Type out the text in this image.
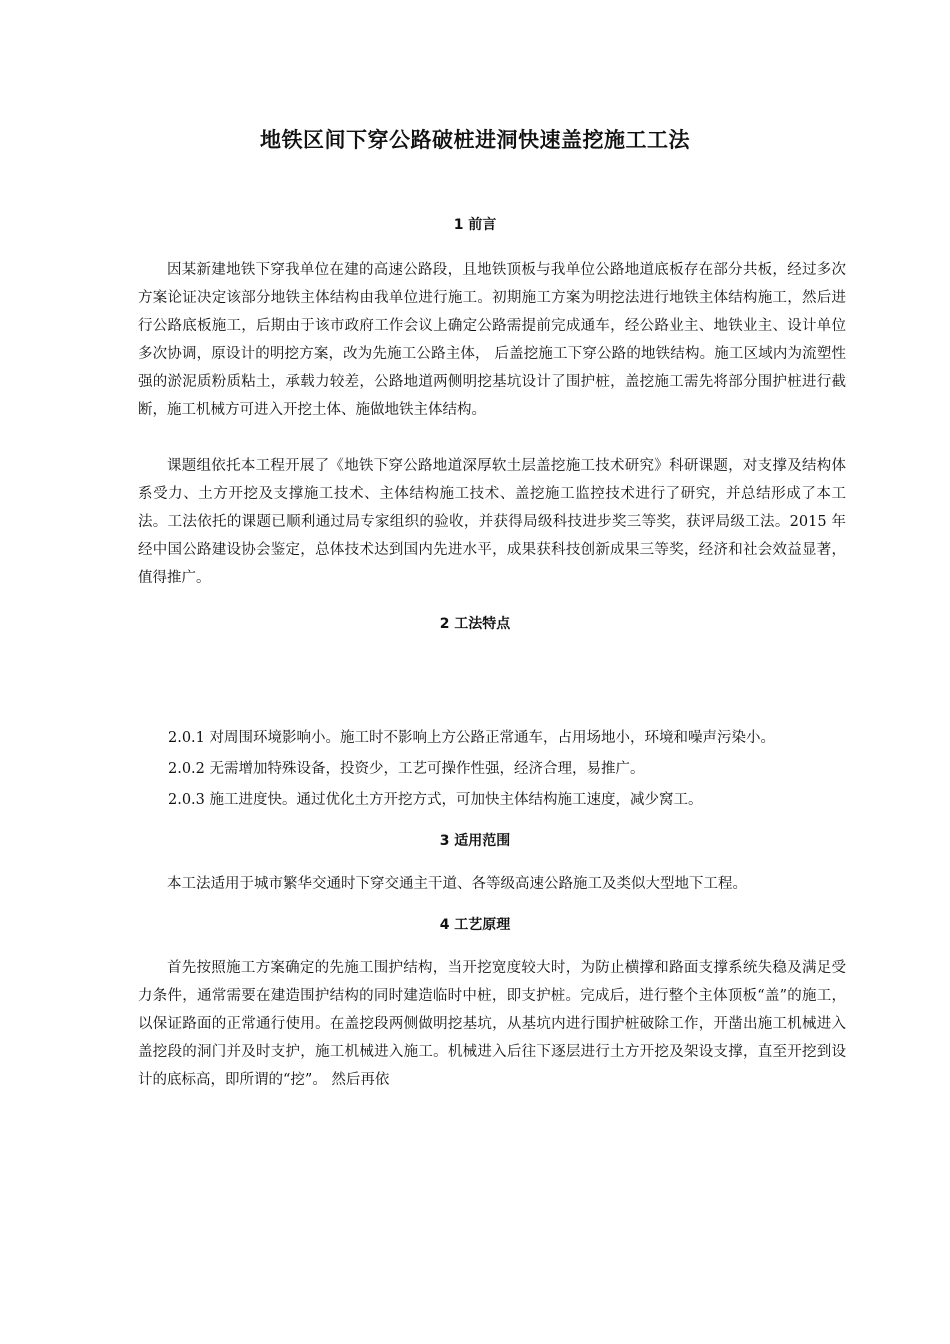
地铁区间下穿公路破桩进洞快速盖挖施工工法
1 前言

因某新建地铁下穿我单位在建的高速公路段，且地铁顶板与我单位公路地道底板存在部分共板，经过多次方案论证决定该部分地铁主体结构由我单位进行施工。初期施工方案为明挖法进行地铁主体结构施工，然后进行公路底板施工，后期由于该市政府工作会议上确定公路需提前完成通车，经公路业主、地铁业主、设计单位多次协调，原设计的明挖方案，改为先施工公路主体， 后盖挖施工下穿公路的地铁结构。施工区域内为流塑性强的淤泥质粉质粘土，承载力较差，公路地道两侧明挖基坑设计了围护桩，盖挖施工需先将部分围护桩进行截断，施工机械方可进入开挖土体、施做地铁主体结构。

课题组依托本工程开展了《地铁下穿公路地道深厚软土层盖挖施工技术研究》科研课题，对支撑及结构体系受力、土方开挖及支撑施工技术、主体结构施工技术、盖挖施工监控技术进行了研究，并总结形成了本工法。工法依托的课题已顺利通过局专家组织的验收，并获得局级科技进步奖三等奖，获评局级工法。2015 年经中国公路建设协会鉴定，总体技术达到国内先进水平，成果获科技创新成果三等奖，经济和社会效益显著，值得推广。

2 工法特点

2.0.1 对周围环境影响小。施工时不影响上方公路正常通车，占用场地小，环境和噪声污染小。

2.0.2 无需增加特殊设备，投资少，工艺可操作性强，经济合理，易推广。

2.0.3 施工进度快。通过优化土方开挖方式，可加快主体结构施工速度，减少窝工。

3 适用范围

本工法适用于城市繁华交通时下穿交通主干道、各等级高速公路施工及类似大型地下工程。

4 工艺原理

首先按照施工方案确定的先施工围护结构，当开挖宽度较大时，为防止横撑和路面支撑系统失稳及满足受力条件，通常需要在建造围护结构的同时建造临时中桩，即支护桩。完成后，进行整个主体顶板“盖”的施工，以保证路面的正常通行使用。在盖挖段两侧做明挖基坑，从基坑内进行围护桩破除工作，开凿出施工机械进入盖挖段的洞门并及时支护，施工机械进入施工。机械进入后往下逐层进行土方开挖及架设支撑，直至开挖到设计的底标高，即所谓的“挖”。 然后再依
